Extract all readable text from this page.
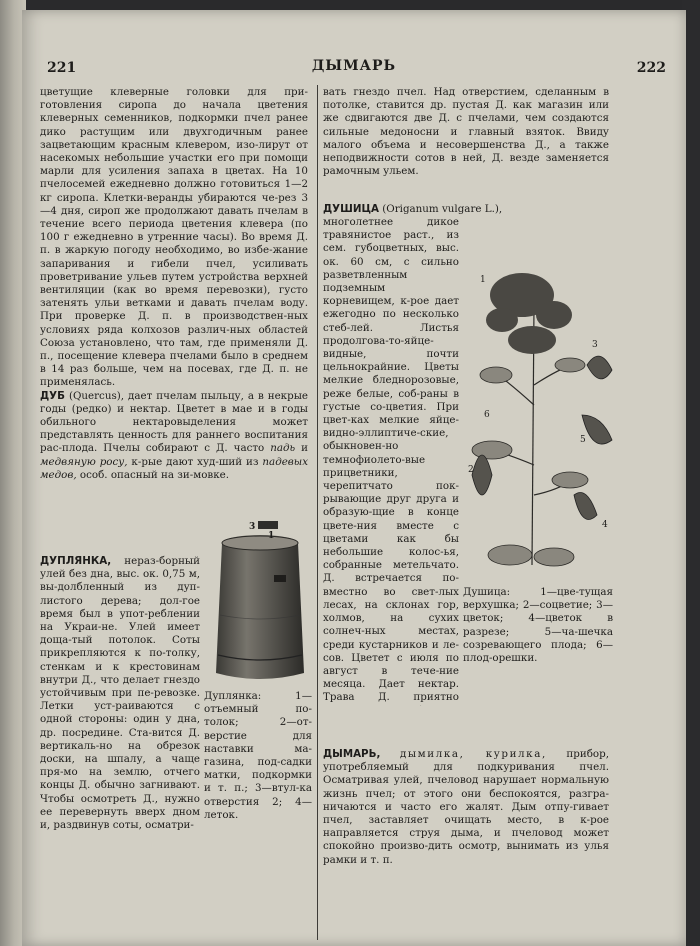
221	ДЫМАРЬ	222

цветущие клеверные головки для при-готовления сиропа до начала цветения клеверных семенников, подкормки пчел ранее дико растущим или двухгодичным ранее зацветающим красным клевером, изо-лирут от насекомых небольшие участки его при помощи марли для усиления запаха в цветах. На 10 пчелосемей ежедневно должно готовиться 1—2 кг сиропа. Клетки-веранды убираются че-рез 3—4 дня, сироп же продолжают давать пчелам в течение всего периода цветения клевера (по 100 г ежедневно в утренние часы). Во время Д. п. в жаркую погоду необходимо, во избе-жание запаривания и гибели пчел, усиливать проветривание ульев путем устройства верхней вентиляции (как во время перевозки), густо затенять ульи ветками и давать пчелам воду. При проверке Д. п. в производствен-ных условиях ряда колхозов различ-ных областей Союза установлено, что там, где применяли Д. п., посещение клевера пчелами было в среднем в 14 раз больше, чем на посевах, где Д. п. не применялась.

ДУБ (Quercus), дает пчелам пыльцу, а в некрые годы (редко) и нектар. Цветет в мае и в годы обильного нектаровыделения может представлять ценность для раннего воспитания рас-плода. Пчелы собирают с Д. часто падь и медвяную росу, к-рые дают худ-ший из падевых медов, особ. опасный на зи-мовке.

ДУПЛЯНКА, нераз-борный улей без дна, выс. ок. 0,75 м, вы-долбленный из дуп-листого дерева; дол-гое время был в упот-реблении на Украи-не. Улей имеет доща-тый потолок. Соты прикрепляются к по-толку, стенкам и к крестовинам внутри Д., что делает гнездо устойчивым при пе-ревозке. Летки уст-раиваются с одной стороны: один у дна, др. посредине. Ста-вится Д. вертикаль-но на обрезок доски, на шпалу, а чаще пря-мо на землю, отчего концы Д. обычно загнивают. Чтобы осмотреть Д., нужно ее перевернуть вверх дном и, раздвинув соты, осматри-
3
1
Дуплянка: 1—отъемный по-толок; 2—от-верстие для наставки ма-газина, под-садки матки, подкормки и т. п.; 3—втул-ка отверстия 2; 4—леток.

вать гнездо пчел. Над отверстием, сделанным в потолке, ставится др. пустая Д. как магазин или же сдвигаются две Д. с пчелами, чем создаются сильные медоносни и главный взяток. Ввиду малого объема и несовершенства Д., а также неподвижности сотов в ней, Д. везде заменяется рамочным ульем.

ДУШИЦА (Origanum vulgare L.),
многолетнее дикое травянистое раст., из сем. губоцветных, выс. ок. 60 см, с сильно разветвленным подземным корневищем, к-рое дает ежегодно по несколько стеб-лей. Листья продолгова-то-яйце-видные, почти цельнокрайние. Цветы мелкие бледнорозовые, реже белые, соб-раны в густые со-цветия. При цвет-ках мелкие яйце-видно-эллиптиче-ские, обыкновен-но темнофиолето-вые прицветники, черепитчато пок-рывающие друг друга и образую-щие в конце цвете-ния вместе с цветами как бы небольшие колос-ья, собранные метельчато. Д. встречается по-вместно во свет-лых лесах, на склонах гор, холмов, на сухих солнеч-ных местах, среди кустарников и ле-сов. Цветет с июля по август в тече-ние месяца. Дает нектар. Трава Д. приятно
1
2
3
4
5
6
Душица: 1—цве-тущая верхушка; 2—соцветие; 3—цветок; 4—цветок в разрезе; 5—ча-шечка созревающего плода; 6—плод-орешки.
ДЫМАРЬ, дымилка, курилка, прибор, употребляемый для подкуривания пчел. Осматривая улей, пчеловод нарушает нормальную жизнь пчел; от этого они беспокоятся, разгра-ничаются и часто его жалят. Дым отпу-гивает пчел, заставляет очищать место, в к-рое направляется струя дыма, и пчеловод может спокойно произво-дить осмотр, вынимать из улья рамки и т. п.
